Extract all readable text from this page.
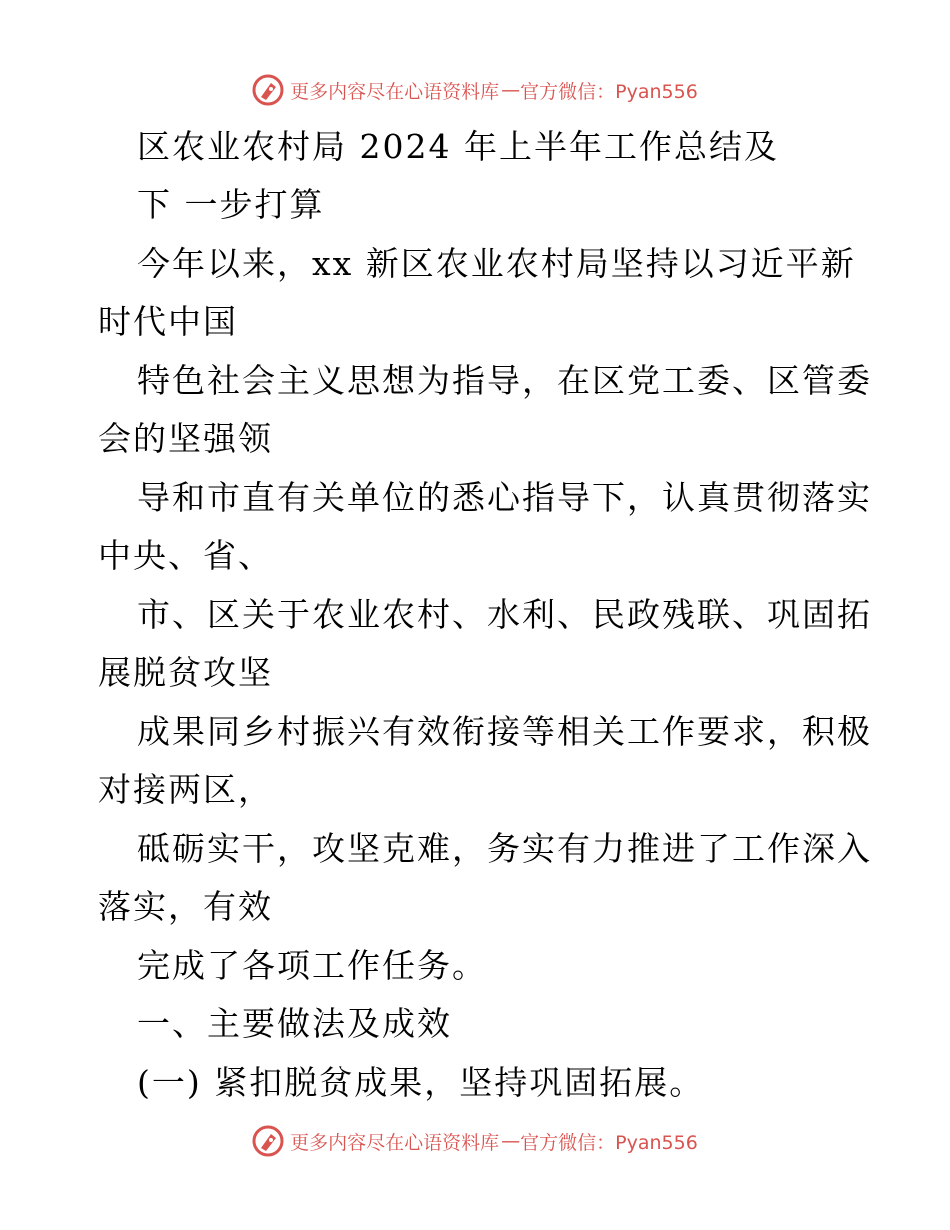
更多内容尽在心语资料库 — 官方微信：Pyan556
区农业农村局 2024 年上半年工作总结及
下 一步打算
今年以来，xx 新区农业农村局坚持以习近平新
时代中国
特色社会主义思想为指导，在区党工委、区管委
会的坚强领
导和市直有关单位的悉心指导下，认真贯彻落实
中央、省、
市、区关于农业农村、水利、民政残联、巩固拓
展脱贫攻坚
成果同乡村振兴有效衔接等相关工作要求，积极
对接两区，
砥砺实干，攻坚克难，务实有力推进了工作深入
落实，有效
完成了各项工作任务。
一、主要做法及成效
(一) 紧扣脱贫成果，坚持巩固拓展。
更多内容尽在心语资料库 — 官方微信：Pyan556
